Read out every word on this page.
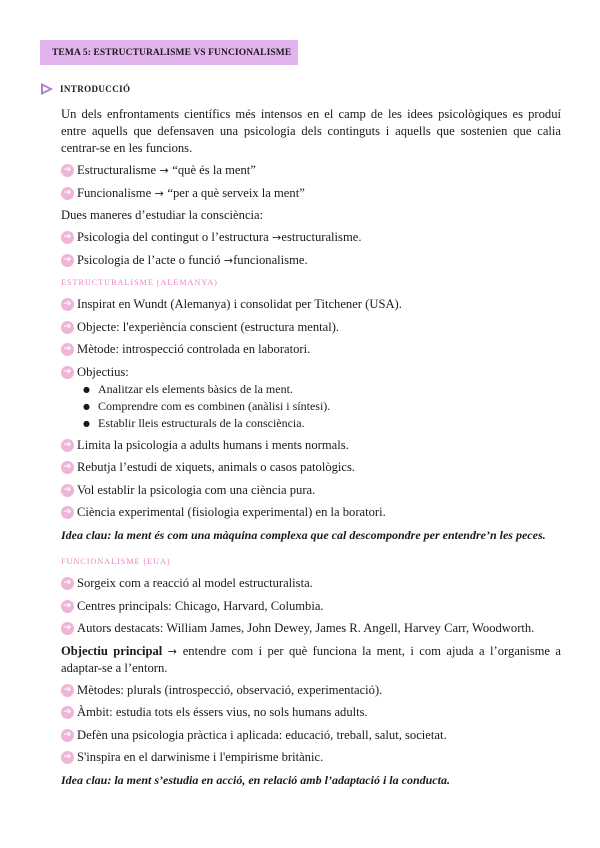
TEMA 5: ESTRUCTURALISME VS FUNCIONALISME
INTRODUCCIÓ

Un dels enfrontaments científics més intensos en el camp de les idees psicològiques es produí entre aquells que defensaven una psicologia dels continguts i aquells que sostenien que calia centrar-se en les funcions.

➔ Estructuralisme → “què és la ment”
➔ Funcionalisme → “per a què serveix la ment”

Dues maneres d’estudiar la consciència:

➔ Psicologia del contingut o l’estructura → estructuralisme.
➔ Psicologia de l’acte o funció → funcionalisme.
ESTRUCTURALISME (ALEMANYA)
➔ Inspirat en Wundt (Alemanya) i consolidat per Titchener (USA).
➔ Objecte: l'experiència conscient (estructura mental).
➔ Mètode: introspecció controlada en laboratori.
➔ Objectius:
● Analitzar els elements bàsics de la ment.
● Comprendre com es combinen (anàlisi i síntesi).
● Establir lleis estructurals de la consciència.
➔ Limita la psicologia a adults humans i ments normals.
➔ Rebutja l’estudi de xiquets, animals o casos patològics.
➔ Vol establir la psicologia com una ciència pura.
➔ Ciència experimental (fisiologia experimental) en la boratori.
Idea clau: la ment és com una màquina complexa que cal descompondre per entendre’n les peces.
FUNCIONALISME (EUA)
➔ Sorgeix com a reacció al model estructuralista.
➔ Centres principals: Chicago, Harvard, Columbia.
➔ Autors destacats: William James, John Dewey, James R. Angell, Harvey Carr, Woodworth.

Objectiu principal → entendre com i per què funciona la ment, i com ajuda a l’organisme a adaptar-se a l’entorn.

➔ Mètodes: plurals (introspecció, observació, experimentació).
➔ Àmbit: estudia tots els éssers vius, no sols humans adults.
➔ Defèn una psicologia pràctica i aplicada: educació, treball, salut, societat.
➔ S'inspira en el darwinisme i l'empirisme britànic.
Idea clau: la ment s’estudia en acció, en relació amb l’adaptació i la conducta.
